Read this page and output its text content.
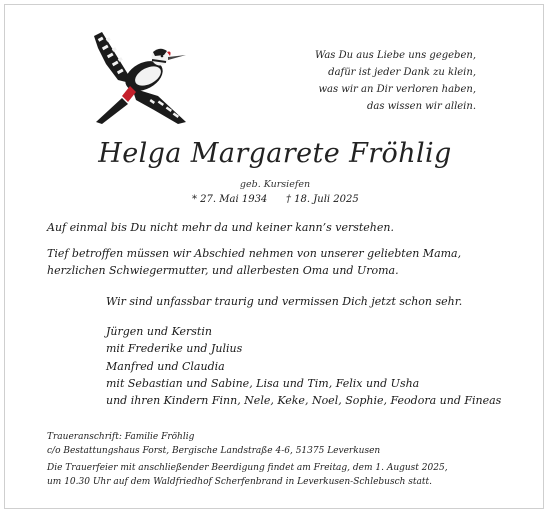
Was Du aus Liebe uns gegeben,
dafür ist jeder Dank zu klein,
was wir an Dir verloren haben,
das wissen wir allein.
Helga Margarete Fröhlig
geb. Kursiefen
* 27. Mai 1934 † 18. Juli 2025
Auf einmal bis Du nicht mehr da und keiner kann’s verstehen.
Tief betroffen müssen wir Abschied nehmen von unserer geliebten Mama,
herzlichen Schwiegermutter, und allerbesten Oma und Uroma.
Wir sind unfassbar traurig und vermissen Dich jetzt schon sehr.
Jürgen und Kerstin
mit Frederike und Julius
Manfred und Claudia
mit Sebastian und Sabine, Lisa und Tim, Felix und Usha
und ihren Kindern Finn, Nele, Keke, Noel, Sophie, Feodora und Fineas
Traueranschrift: Familie Fröhlig
c/o Bestattungshaus Forst, Bergische Landstraße 4-6, 51375 Leverkusen
Die Trauerfeier mit anschließender Beerdigung findet am Freitag, dem 1. August 2025,
um 10.30 Uhr auf dem Waldfriedhof Scherfenbrand in Leverkusen-Schlebusch statt.
